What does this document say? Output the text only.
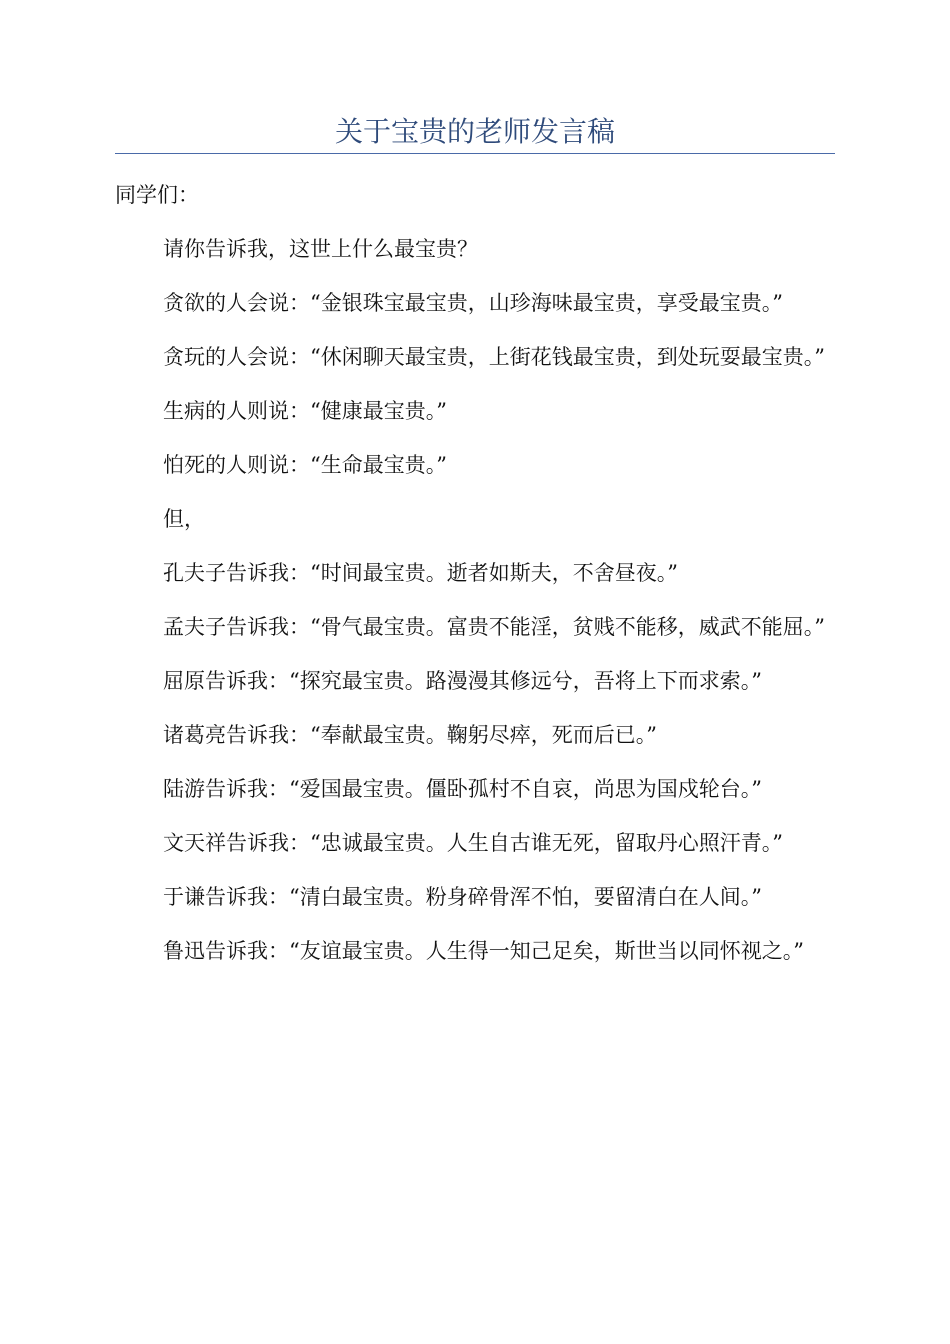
关于宝贵的老师发言稿

同学们：

请你告诉我，这世上什么最宝贵？

贪欲的人会说：“金银珠宝最宝贵，山珍海味最宝贵，享受最宝贵。”

贪玩的人会说：“休闲聊天最宝贵，上街花钱最宝贵，到处玩耍最宝贵。”

生病的人则说：“健康最宝贵。”

怕死的人则说：“生命最宝贵。”

但，

孔夫子告诉我：“时间最宝贵。逝者如斯夫，不舍昼夜。”

孟夫子告诉我：“骨气最宝贵。富贵不能淫，贫贱不能移，威武不能屈。”

屈原告诉我：“探究最宝贵。路漫漫其修远兮，吾将上下而求索。”

诸葛亮告诉我：“奉献最宝贵。鞠躬尽瘁，死而后已。”

陆游告诉我：“爱国最宝贵。僵卧孤村不自哀，尚思为国戍轮台。”

文天祥告诉我：“忠诚最宝贵。人生自古谁无死，留取丹心照汗青。”

于谦告诉我：“清白最宝贵。粉身碎骨浑不怕，要留清白在人间。”

鲁迅告诉我：“友谊最宝贵。人生得一知己足矣，斯世当以同怀视之。”
